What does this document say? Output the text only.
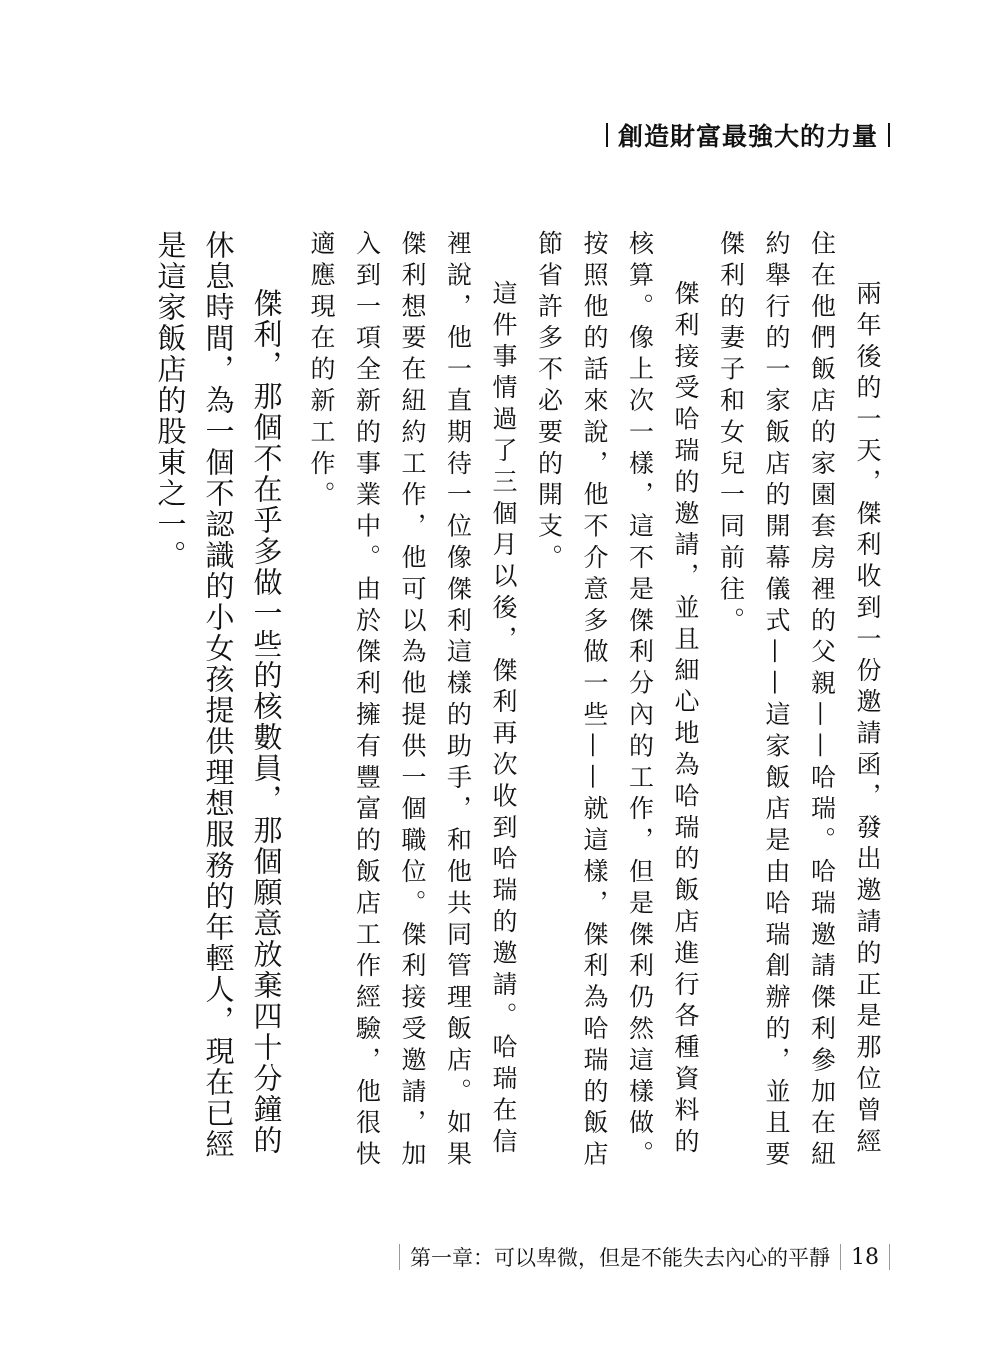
創造財富最強大的力量

兩年後的一天，傑利收到一份邀請函，發出邀請的正是那位曾經住在他們飯店的家園套房裡的父親——哈瑞。哈瑞邀請傑利參加在紐約舉行的一家飯店的開幕儀式——這家飯店是由哈瑞創辦的，並且要傑利的妻子和女兒一同前往。

傑利接受哈瑞的邀請，並且細心地為哈瑞的飯店進行各種資料的核算。像上次一樣，這不是傑利分內的工作，但是傑利仍然這樣做。按照他的話來說，他不介意多做一些——就這樣，傑利為哈瑞的飯店節省許多不必要的開支。

這件事情過了三個月以後，傑利再次收到哈瑞的邀請。哈瑞在信裡說，他一直期待一位像傑利這樣的助手，和他共同管理飯店。如果傑利想要在紐約工作，他可以為他提供一個職位。傑利接受邀請，加入到一項全新的事業中。由於傑利擁有豐富的飯店工作經驗，他很快適應現在的新工作。

傑利，那個不在乎多做一些的核數員，那個願意放棄四十分鐘的休息時間，為一個不認識的小女孩提供理想服務的年輕人，現在已經是這家飯店的股東之一。

第一章：可以卑微，但是不能失去內心的平靜 18
